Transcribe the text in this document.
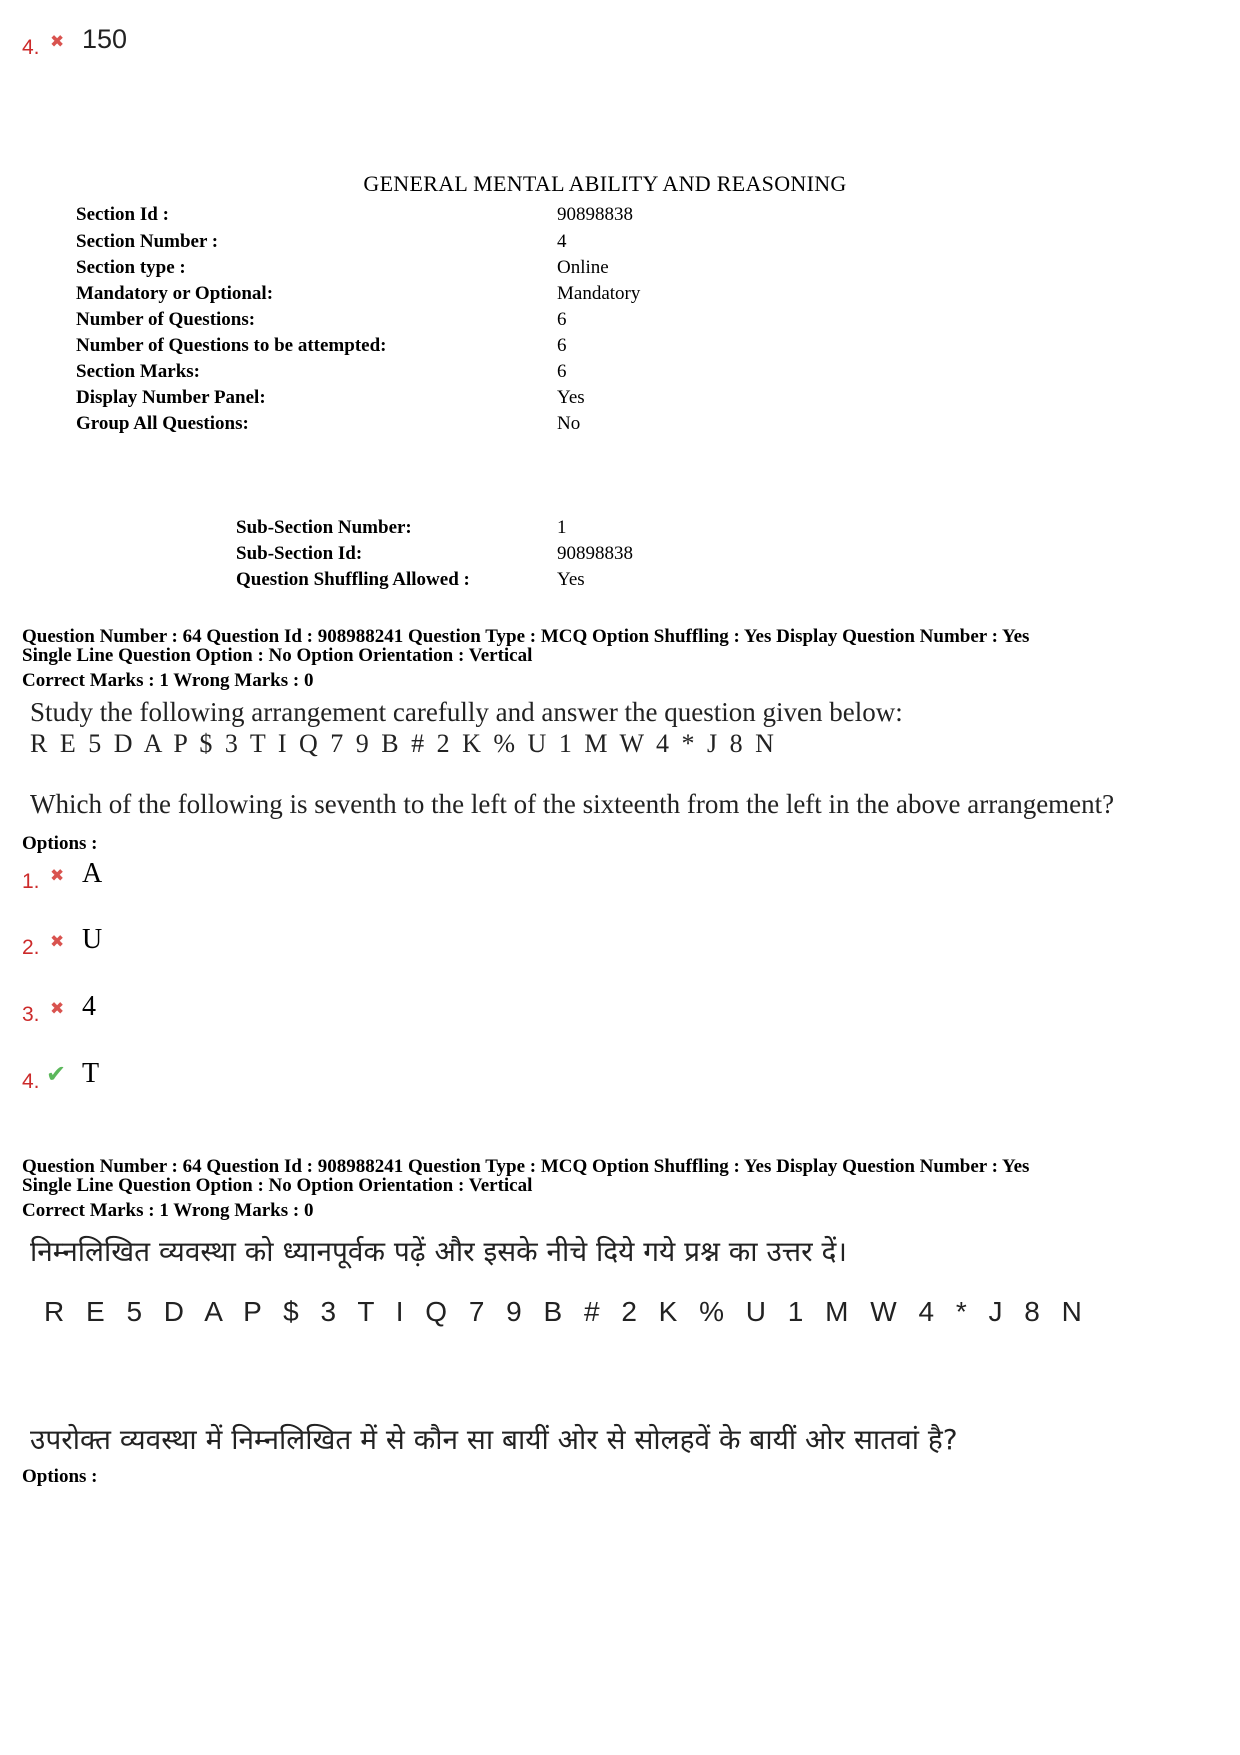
4. ✖ 150
GENERAL MENTAL ABILITY AND REASONING
Section Id :	90898838
Section Number :	4
Section type :	Online
Mandatory or Optional:	Mandatory
Number of Questions:	6
Number of Questions to be attempted:	6
Section Marks:	6
Display Number Panel:	Yes
Group All Questions:	No
Sub-Section Number:	1
Sub-Section Id:	90898838
Question Shuffling Allowed :	Yes
Question Number : 64 Question Id : 908988241 Question Type : MCQ Option Shuffling : Yes Display Question Number : Yes
Single Line Question Option : No Option Orientation : Vertical
Correct Marks : 1 Wrong Marks : 0
Study the following arrangement carefully and answer the question given below:
R E 5 D A P $ 3 T I Q 7 9 B # 2 K % U 1 M W 4 * J 8 N
Which of the following is seventh to the left of the sixteenth from the left in the above arrangement?
Options :
1. ✖ A
2. ✖ U
3. ✖ 4
4. ✔ T
Question Number : 64 Question Id : 908988241 Question Type : MCQ Option Shuffling : Yes Display Question Number : Yes
Single Line Question Option : No Option Orientation : Vertical
Correct Marks : 1 Wrong Marks : 0
निम्नलिखित व्यवस्था को ध्यानपूर्वक पढ़ें और इसके नीचे दिये गये प्रश्न का उत्तर दें।
R E 5 D A P $ 3 T I Q 7 9 B # 2 K % U 1 M W 4 * J 8 N
उपरोक्त व्यवस्था में निम्नलिखित में से कौन सा बायीं ओर से सोलहवें के बायीं ओर सातवां है?
Options :
